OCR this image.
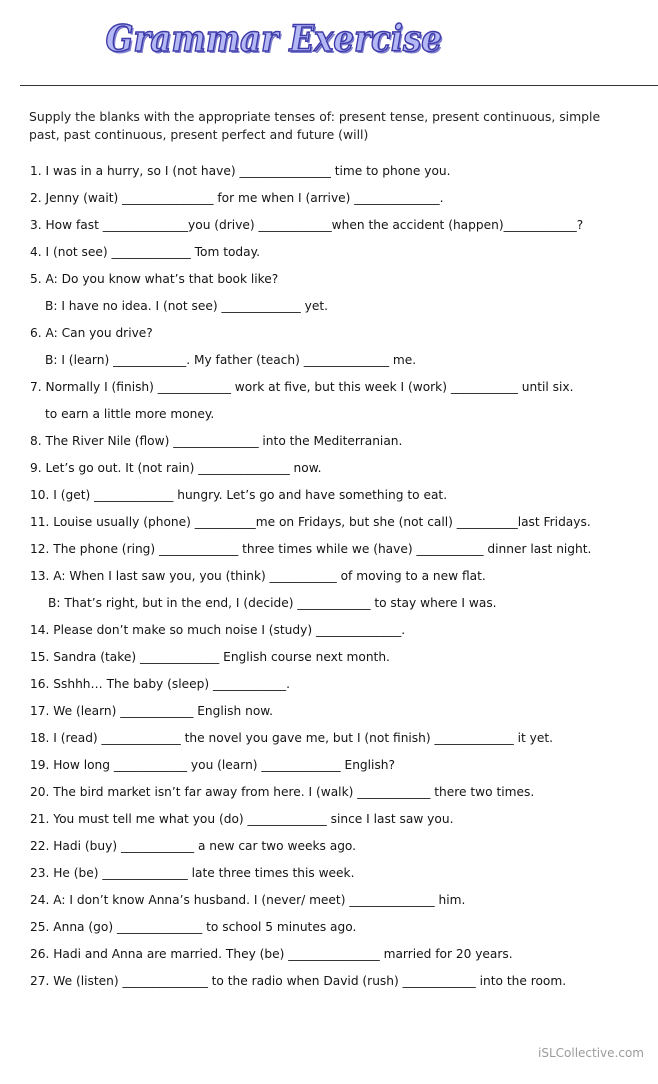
Grammar Exercise
Supply the blanks with the appropriate tenses of: present tense, present continuous, simple past, past continuous, present perfect and future (will)
1. I was in a hurry, so I (not have) _______________ time to phone you.
2. Jenny (wait) _______________ for me when I (arrive) ______________.
3. How fast ______________you (drive) ____________when the accident (happen)____________?
4. I (not see) _____________ Tom today.
5. A: Do you know what’s that book like?
B: I have no idea. I (not see) _____________ yet.
6. A: Can you drive?
B: I (learn) ____________. My father (teach) ______________ me.
7. Normally I (finish) ____________ work at five, but this week I (work) ___________ until six.
to earn a little more money.
8. The River Nile (flow) ______________ into the Mediterranian.
9. Let’s go out. It (not rain) _______________ now.
10. I (get) _____________ hungry. Let’s go and have something to eat.
11. Louise usually (phone) __________me on Fridays, but she (not call) __________last Fridays.
12. The phone (ring) _____________ three times while we (have) ___________ dinner last night.
13. A: When I last saw you, you (think) ___________ of moving to a new flat.
B: That’s right, but in the end, I (decide) ____________ to stay where I was.
14. Please don’t make so much noise I (study) ______________.
15. Sandra (take) _____________ English course next month.
16. Sshhh… The baby (sleep) ____________.
17. We (learn) ____________ English now.
18. I (read) _____________ the novel you gave me, but I (not finish) _____________ it yet.
19. How long ____________ you (learn) _____________ English?
20. The bird market isn’t far away from here. I (walk) ____________ there two times.
21. You must tell me what you (do) _____________ since I last saw you.
22. Hadi (buy) ____________ a new car two weeks ago.
23. He (be) ______________ late three times this week.
24. A: I don’t know Anna’s husband. I (never/ meet) ______________ him.
25. Anna (go) ______________ to school 5 minutes ago.
26. Hadi and Anna are married. They (be) _______________ married for 20 years.
27. We (listen) ______________ to the radio when David (rush) ____________ into the room.
iSLCollective.com
